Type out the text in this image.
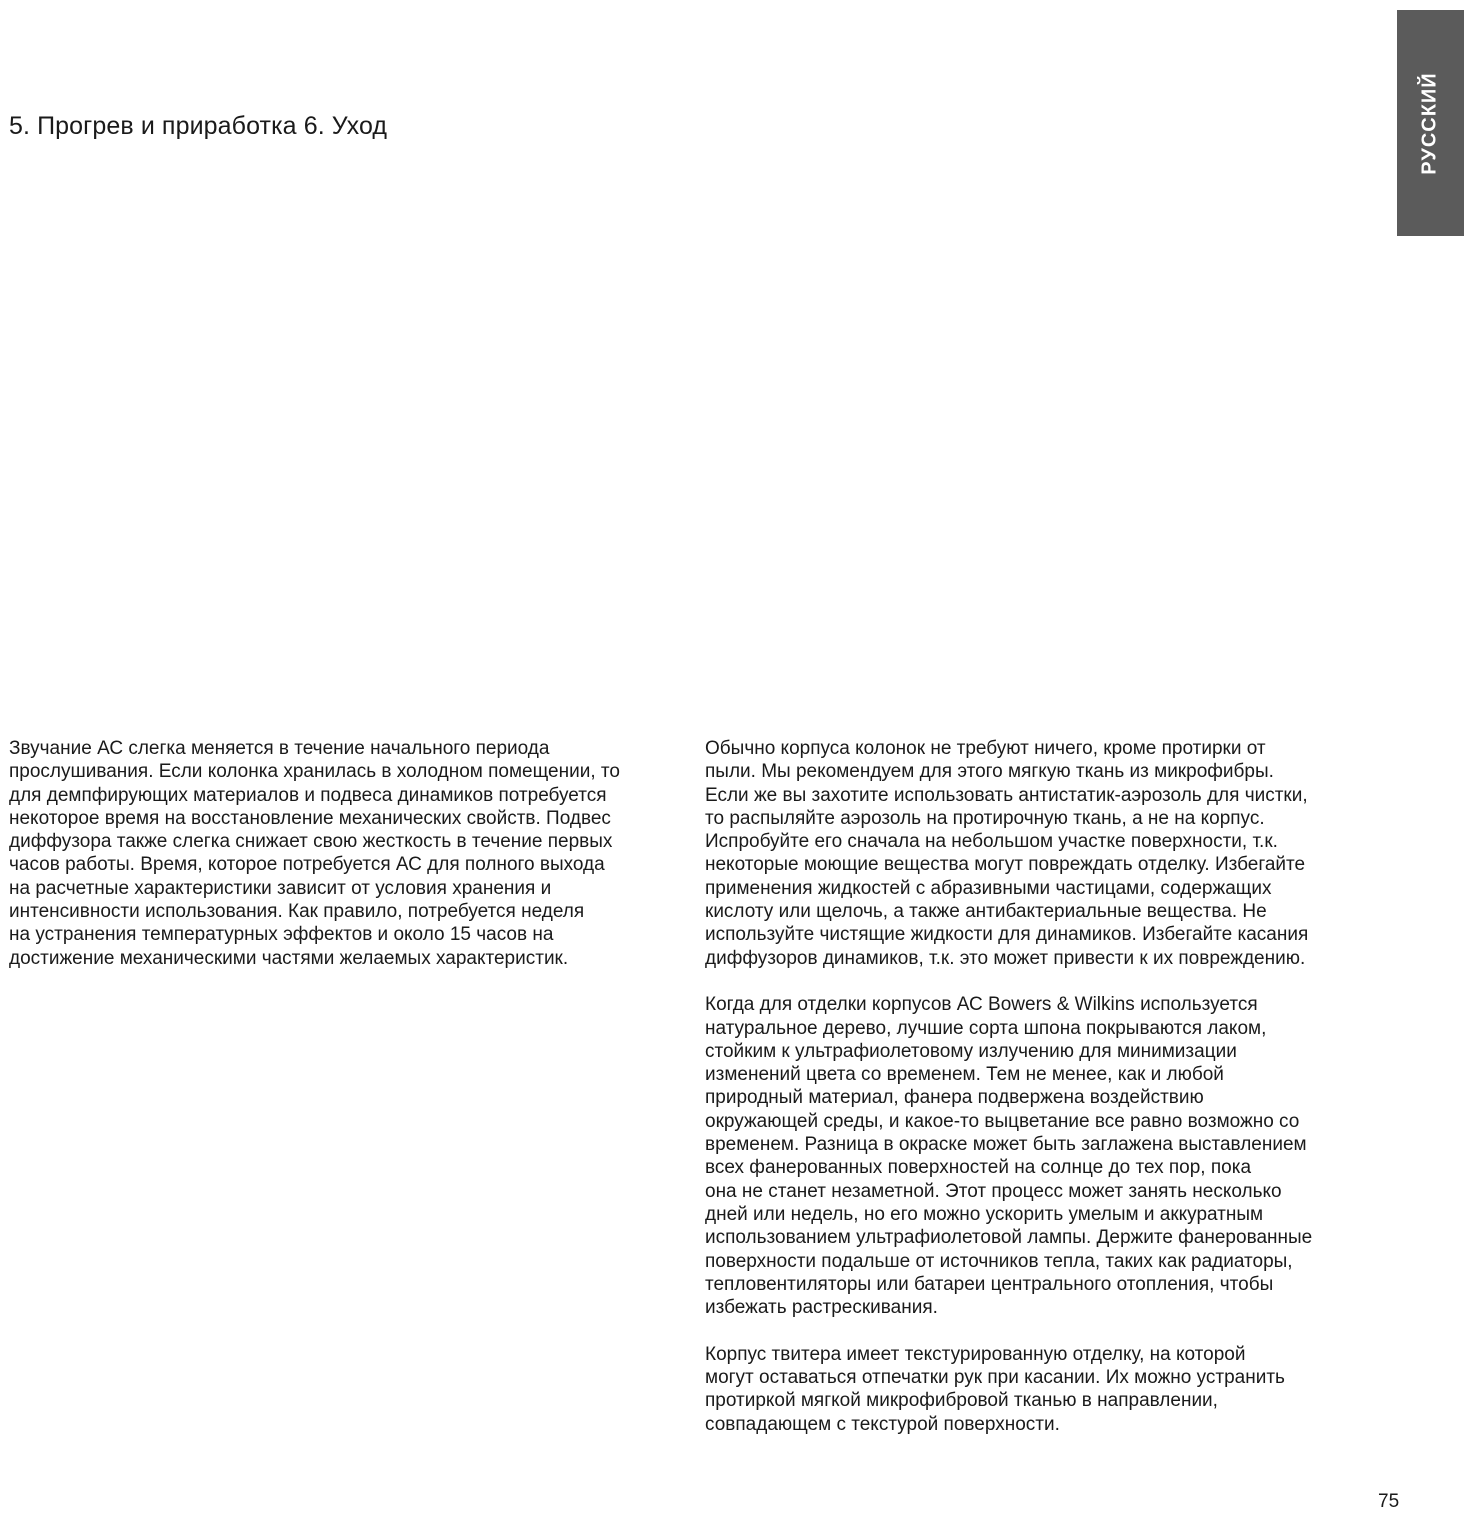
5. Прогрев и приработка 6. Уход	РУССКИЙ

Звучание АС слегка меняется в течение начального периода
прослушивания. Если колонка хранилась в холодном помещении, то
для демпфирующих материалов и подвеса динамиков потребуется
некоторое время на восстановление механических свойств. Подвес
диффузора также слегка снижает свою жесткость в течение первых
часов работы. Время, которое потребуется АС для полного выхода
на расчетные характеристики зависит от условия хранения и
интенсивности использования. Как правило, потребуется неделя
на устранения температурных эффектов и около 15 часов на
достижение механическими частями желаемых характеристик.

Обычно корпуса колонок не требуют ничего, кроме протирки от
пыли. Мы рекомендуем для этого мягкую ткань из микрофибры.
Если же вы захотите использовать антистатик-аэрозоль для чистки,
то распыляйте аэрозоль на протирочную ткань, а не на корпус.
Испробуйте его сначала на небольшом участке поверхности, т.к.
некоторые моющие вещества могут повреждать отделку. Избегайте
применения жидкостей с абразивными частицами, содержащих
кислоту или щелочь, а также антибактериальные вещества. Не
используйте чистящие жидкости для динамиков. Избегайте касания
диффузоров динамиков, т.к. это может привести к их повреждению.

Когда для отделки корпусов АС Bowers & Wilkins используется
натуральное дерево, лучшие сорта шпона покрываются лаком,
стойким к ультрафиолетовому излучению для минимизации
изменений цвета со временем. Тем не менее, как и любой
природный материал, фанера подвержена воздействию
окружающей среды, и какое-то выцветание все равно возможно со
временем. Разница в окраске может быть заглажена выставлением
всех фанерованных поверхностей на солнце до тех пор, пока
она не станет незаметной. Этот процесс может занять несколько
дней или недель, но его можно ускорить умелым и аккуратным
использованием ультрафиолетовой лампы. Держите фанерованные
поверхности подальше от источников тепла, таких как радиаторы,
тепловентиляторы или батареи центрального отопления, чтобы
избежать растрескивания.

Корпус твитера имеет текстурированную отделку, на которой
могут оставаться отпечатки рук при касании. Их можно устранить
протиркой мягкой микрофибровой тканью в направлении,
совпадающем с текстурой поверхности.

75
